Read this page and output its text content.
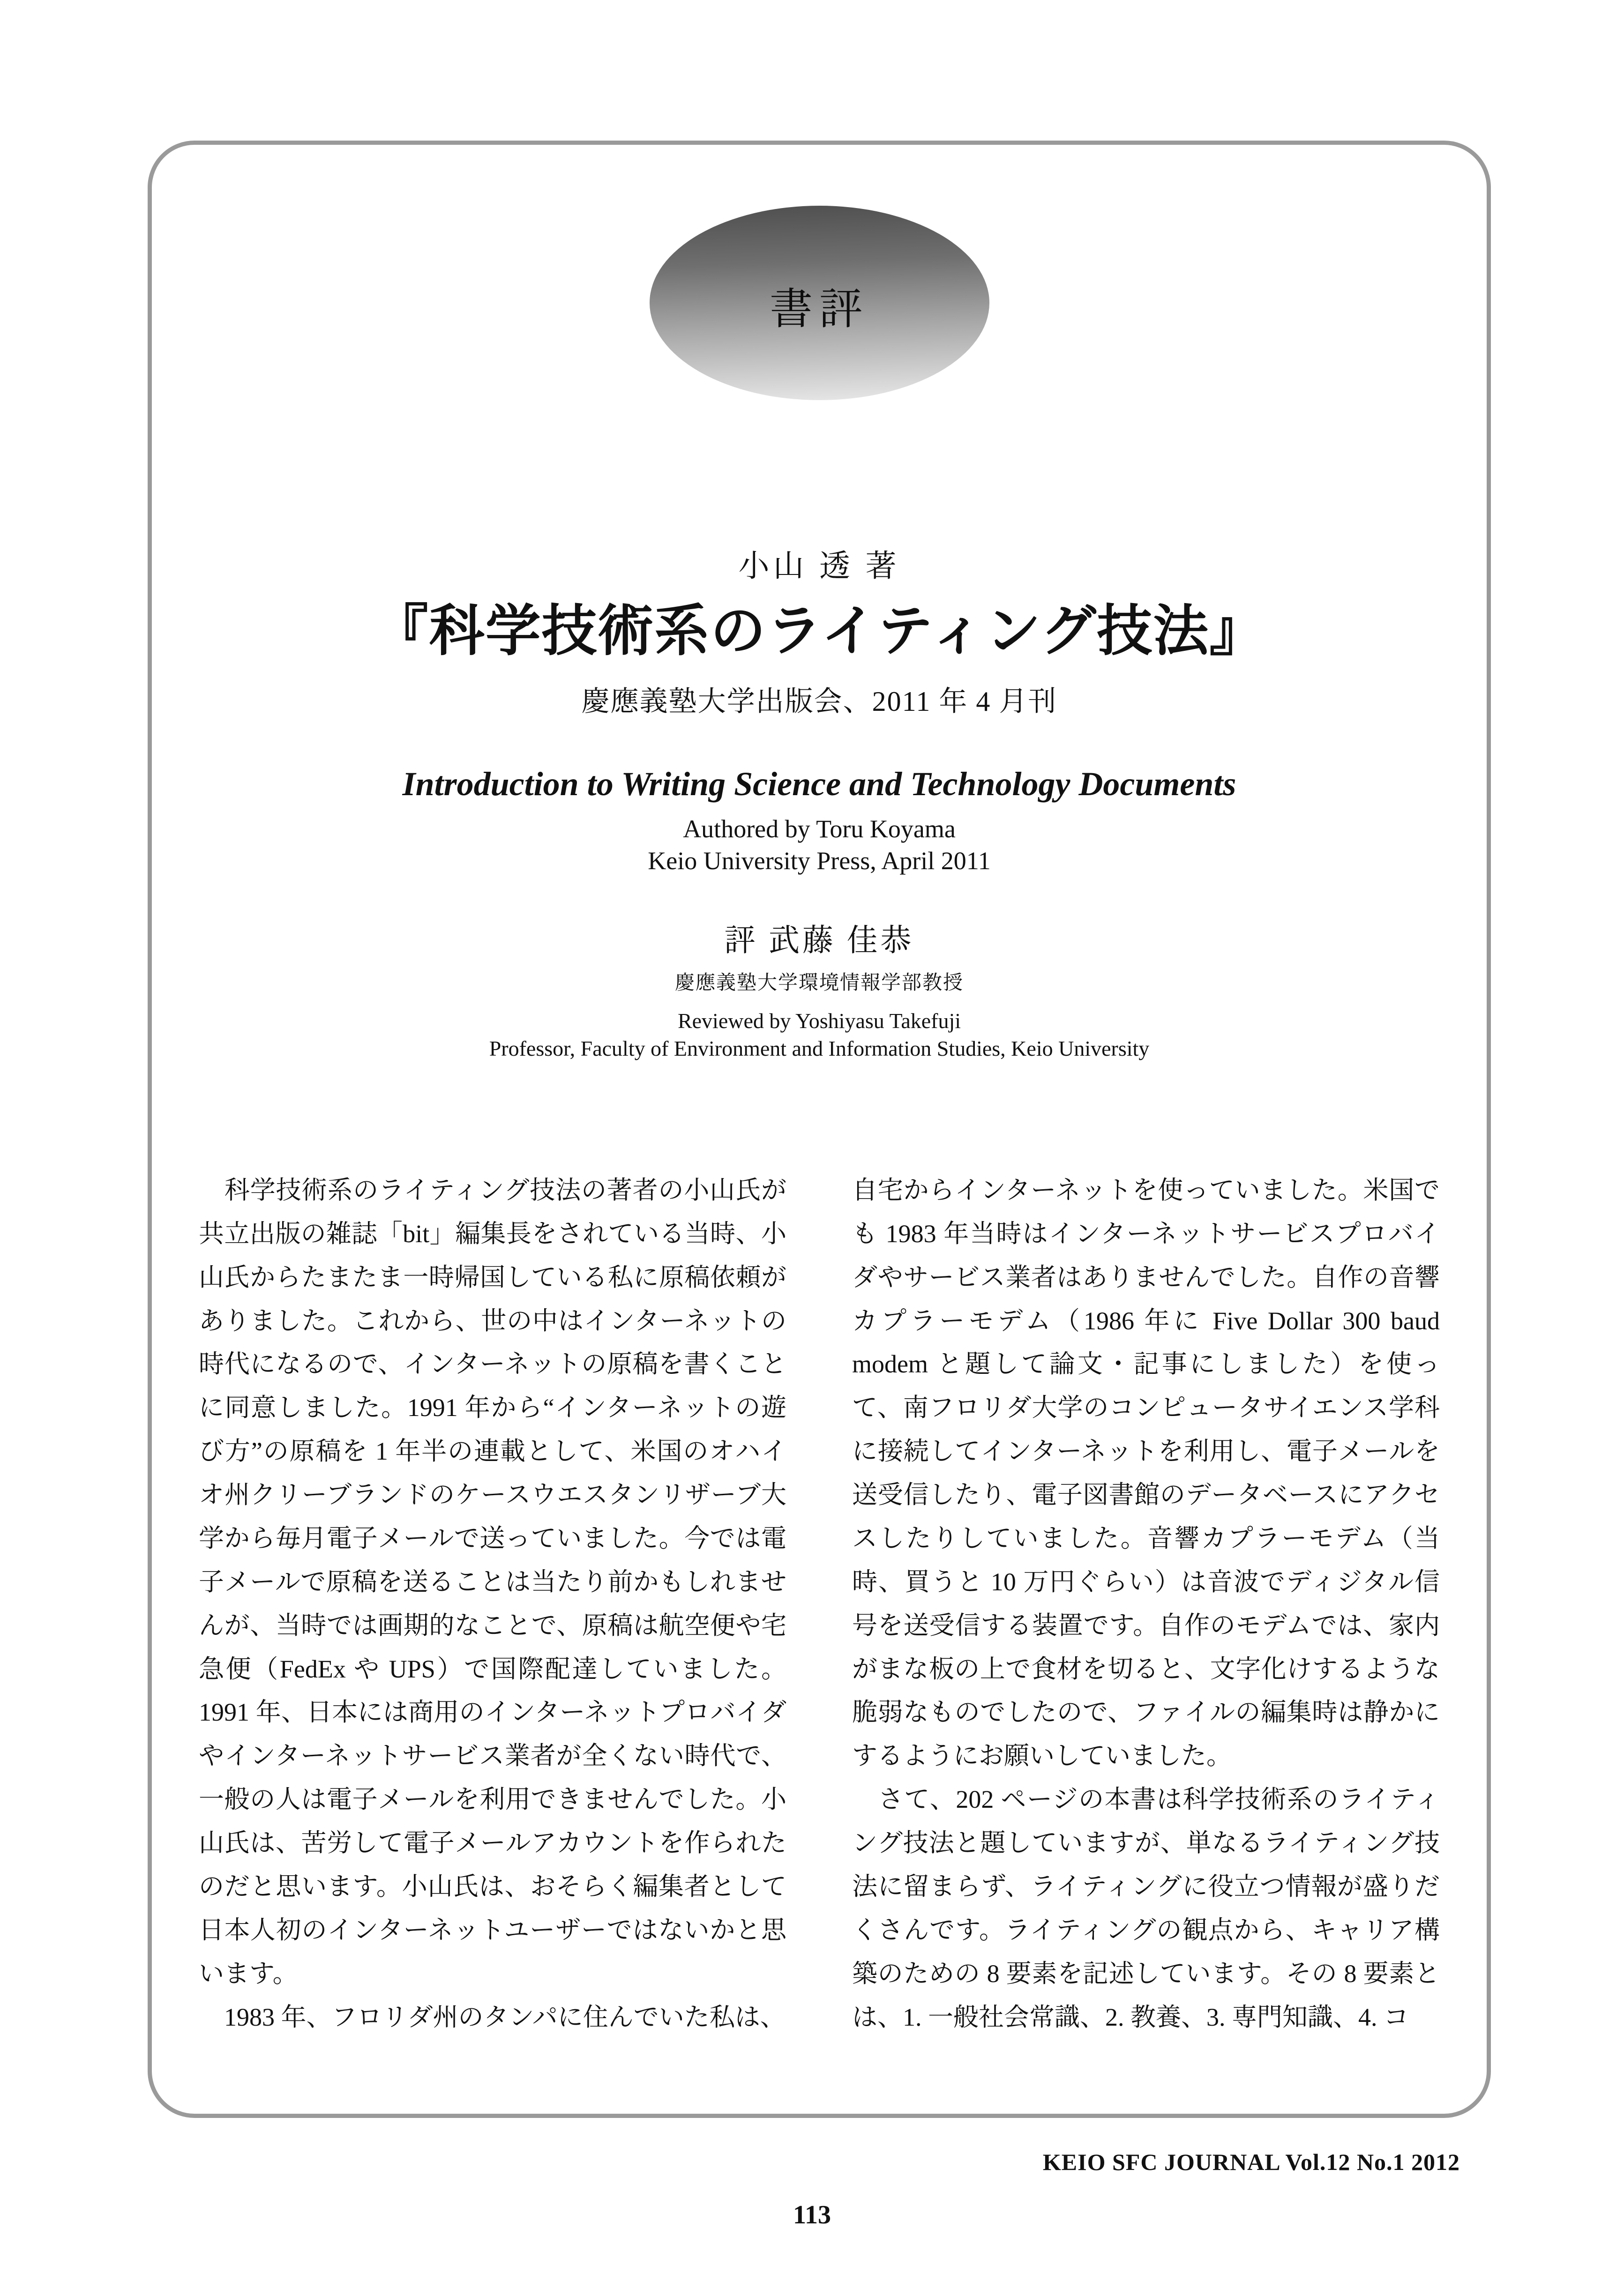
書評
小山 透 著
『科学技術系のライティング技法』
慶應義塾大学出版会、2011 年 4 月刊
Introduction to Writing Science and Technology Documents
Authored by Toru Koyama
Keio University Press, April 2011
評 武藤 佳恭
慶應義塾大学環境情報学部教授
Reviewed by Yoshiyasu Takefuji
Professor, Faculty of Environment and Information Studies, Keio University

　科学技術系のライティング技法の著者の小山氏が共立出版の雑誌「bit」編集長をされている当時、小山氏からたまたま一時帰国している私に原稿依頼がありました。これから、世の中はインターネットの時代になるので、インターネットの原稿を書くことに同意しました。1991 年から“インターネットの遊び方”の原稿を 1 年半の連載として、米国のオハイオ州クリーブランドのケースウエスタンリザーブ大学から毎月電子メールで送っていました。今では電子メールで原稿を送ることは当たり前かもしれませんが、当時では画期的なことで、原稿は航空便や宅急便（FedEx や UPS）で国際配達していました。1991 年、日本には商用のインターネットプロバイダやインターネットサービス業者が全くない時代で、一般の人は電子メールを利用できませんでした。小山氏は、苦労して電子メールアカウントを作られたのだと思います。小山氏は、おそらく編集者として日本人初のインターネットユーザーではないかと思います。

　1983 年、フロリダ州のタンパに住んでいた私は、

自宅からインターネットを使っていました。米国でも 1983 年当時はインターネットサービスプロバイダやサービス業者はありませんでした。自作の音響カプラーモデム（1986 年に Five Dollar 300 baud modem と題して論文・記事にしました）を使って、南フロリダ大学のコンピュータサイエンス学科に接続してインターネットを利用し、電子メールを送受信したり、電子図書館のデータベースにアクセスしたりしていました。音響カプラーモデム（当時、買うと 10 万円ぐらい）は音波でディジタル信号を送受信する装置です。自作のモデムでは、家内がまな板の上で食材を切ると、文字化けするような脆弱なものでしたので、ファイルの編集時は静かにするようにお願いしていました。

　さて、202 ページの本書は科学技術系のライティング技法と題していますが、単なるライティング技法に留まらず、ライティングに役立つ情報が盛りだくさんです。ライティングの観点から、キャリア構築のための 8 要素を記述しています。その 8 要素とは、1. 一般社会常識、2. 教養、3. 専門知識、4. コ

KEIO SFC JOURNAL Vol.12 No.1 2012
113
